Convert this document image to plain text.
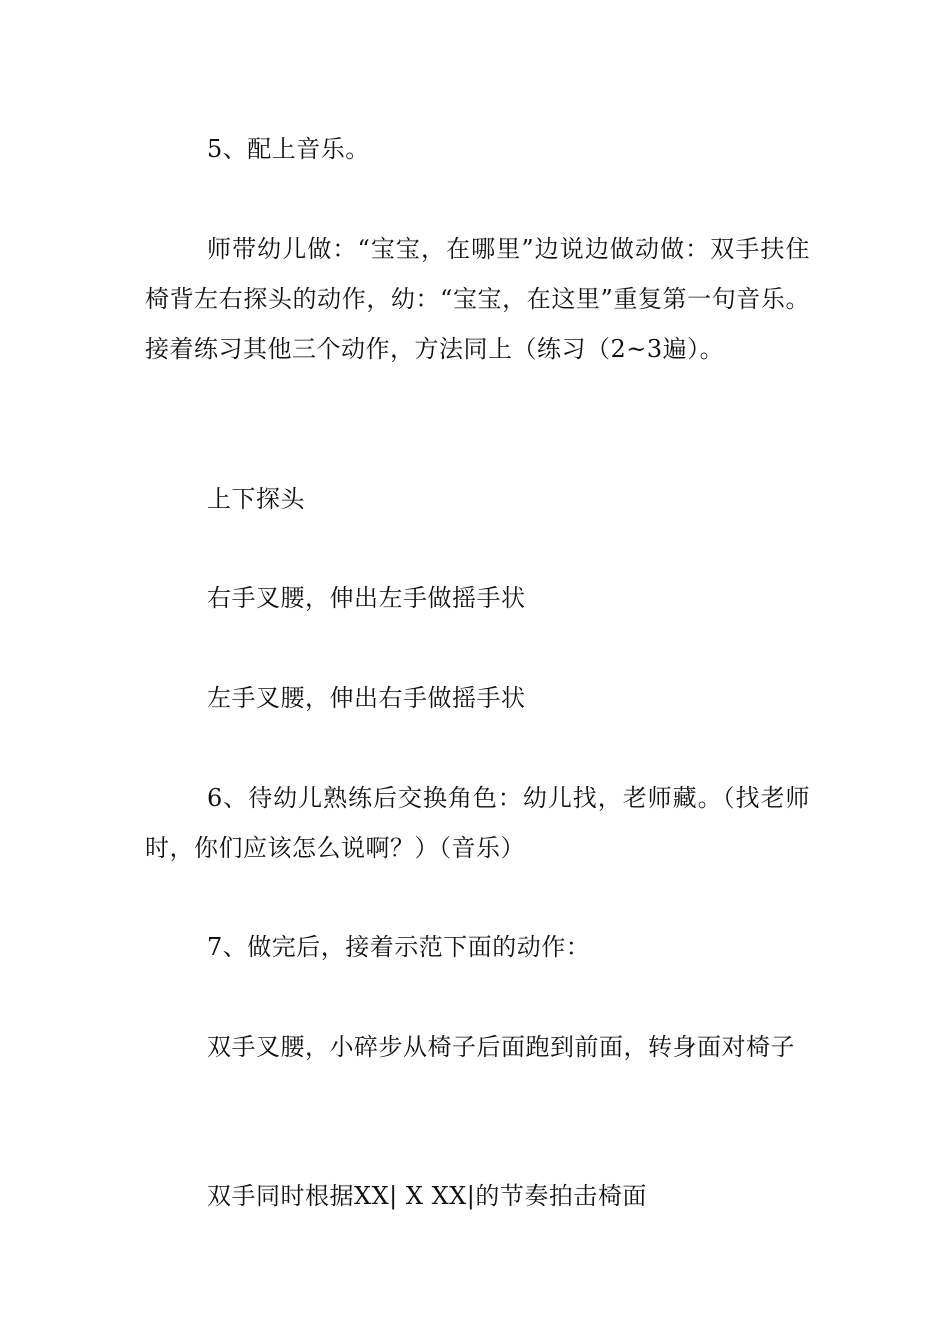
5、配上音乐。

师带幼儿做：“宝宝，在哪里”边说边做动做：双手扶住椅背左右探头的动作，幼：“宝宝，在这里”重复第一句音乐。接着练习其他三个动作，方法同上（练习（2~3遍）。

上下探头

右手叉腰，伸出左手做摇手状

左手叉腰，伸出右手做摇手状

6、待幼儿熟练后交换角色：幼儿找，老师藏。（找老师时，你们应该怎么说啊？）（音乐）

7、做完后，接着示范下面的动作：

双手叉腰，小碎步从椅子后面跑到前面，转身面对椅子

双手同时根据XX| X XX|的节奏拍击椅面
